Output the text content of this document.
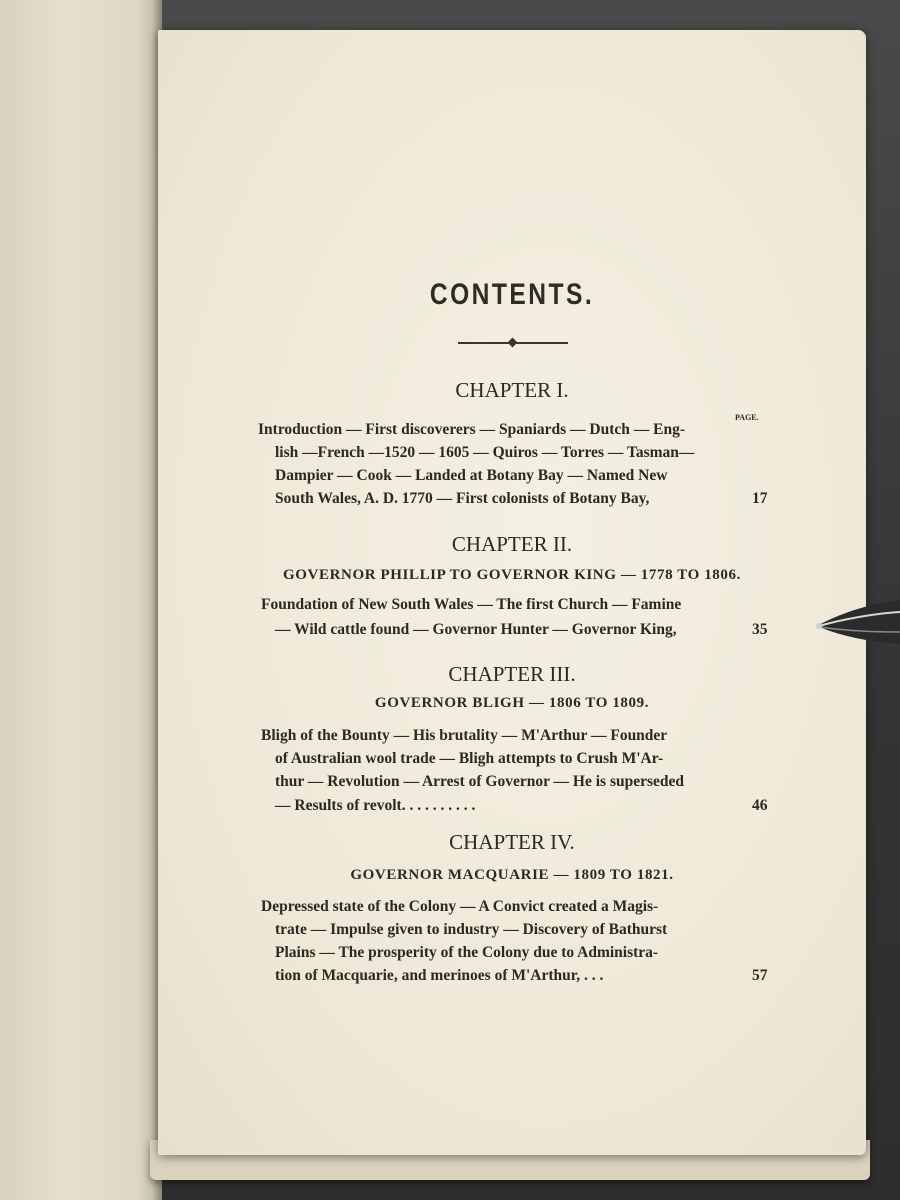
CONTENTS.
CHAPTER I.
PAGE.
Introduction — First discoverers — Spaniards — Dutch — Eng-
lish —French —1520 — 1605 — Quiros — Torres — Tasman—
Dampier — Cook — Landed at Botany Bay — Named New
South Wales, A. D. 1770 — First colonists of Botany Bay,	17
CHAPTER II.
GOVERNOR PHILLIP TO GOVERNOR KING — 1778 TO 1806.
Foundation of New South Wales — The first Church — Famine
— Wild cattle found — Governor Hunter — Governor King,	35
CHAPTER III.
GOVERNOR BLIGH — 1806 TO 1809.
Bligh of the Bounty — His brutality — M'Arthur — Founder
of Australian wool trade — Bligh attempts to Crush M'Ar-
thur — Revolution — Arrest of Governor — He is superseded
— Results of revolt. . . . . . . . . .	46
CHAPTER IV.
GOVERNOR MACQUARIE — 1809 TO 1821.
Depressed state of the Colony — A Convict created a Magis-
trate — Impulse given to industry — Discovery of Bathurst
Plains — The prosperity of the Colony due to Administra-
tion of Macquarie, and merinoes of M'Arthur, . . .	57
